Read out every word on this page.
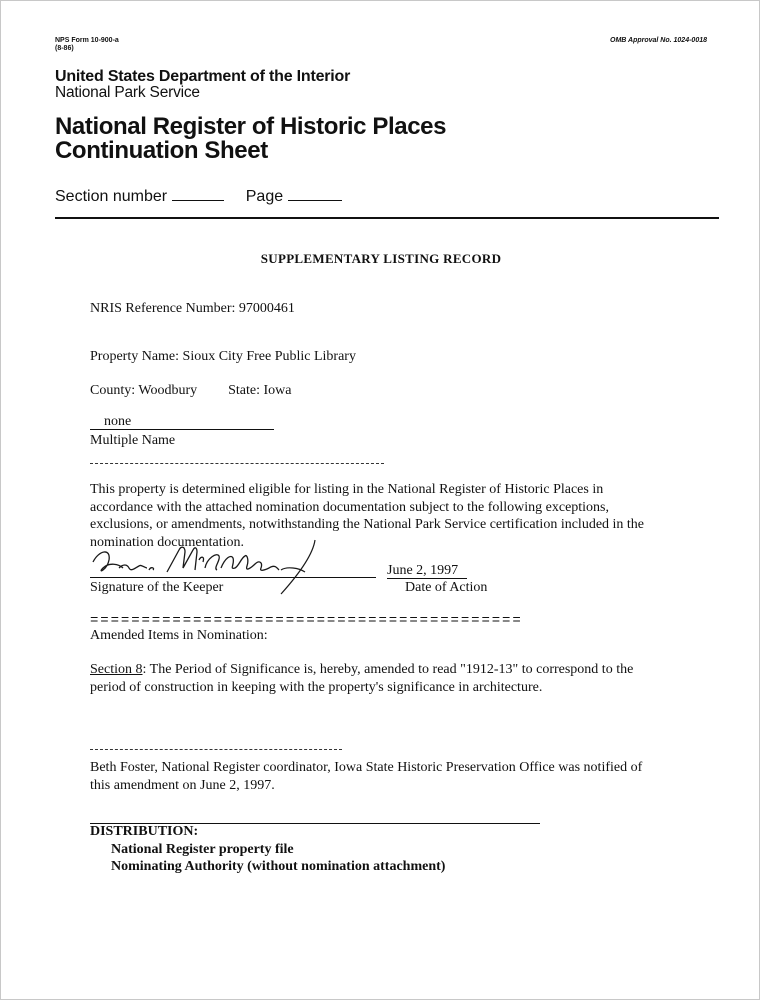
NPS Form 10-900-a
(8-86)
OMB Approval No. 1024-0018
United States Department of the Interior
National Park Service
National Register of Historic Places
Continuation Sheet
Section number	Page
SUPPLEMENTARY LISTING RECORD
NRIS Reference Number: 97000461
Property Name: Sioux City Free Public Library
County: Woodbury State: Iowa
none
Multiple Name
This property is determined eligible for listing in the National Register of Historic Places in accordance with the attached nomination documentation subject to the following exceptions, exclusions, or amendments, notwithstanding the National Park Service certification included in the nomination documentation.
Signature of the Keeper
June 2, 1997
Date of Action
==========================================
Amended Items in Nomination:
Section 8: The Period of Significance is, hereby, amended to read "1912-13" to correspond to the period of construction in keeping with the property's significance in architecture.
Beth Foster, National Register coordinator, Iowa State Historic Preservation Office was notified of this amendment on June 2, 1997.
DISTRIBUTION:
National Register property file
Nominating Authority (without nomination attachment)
